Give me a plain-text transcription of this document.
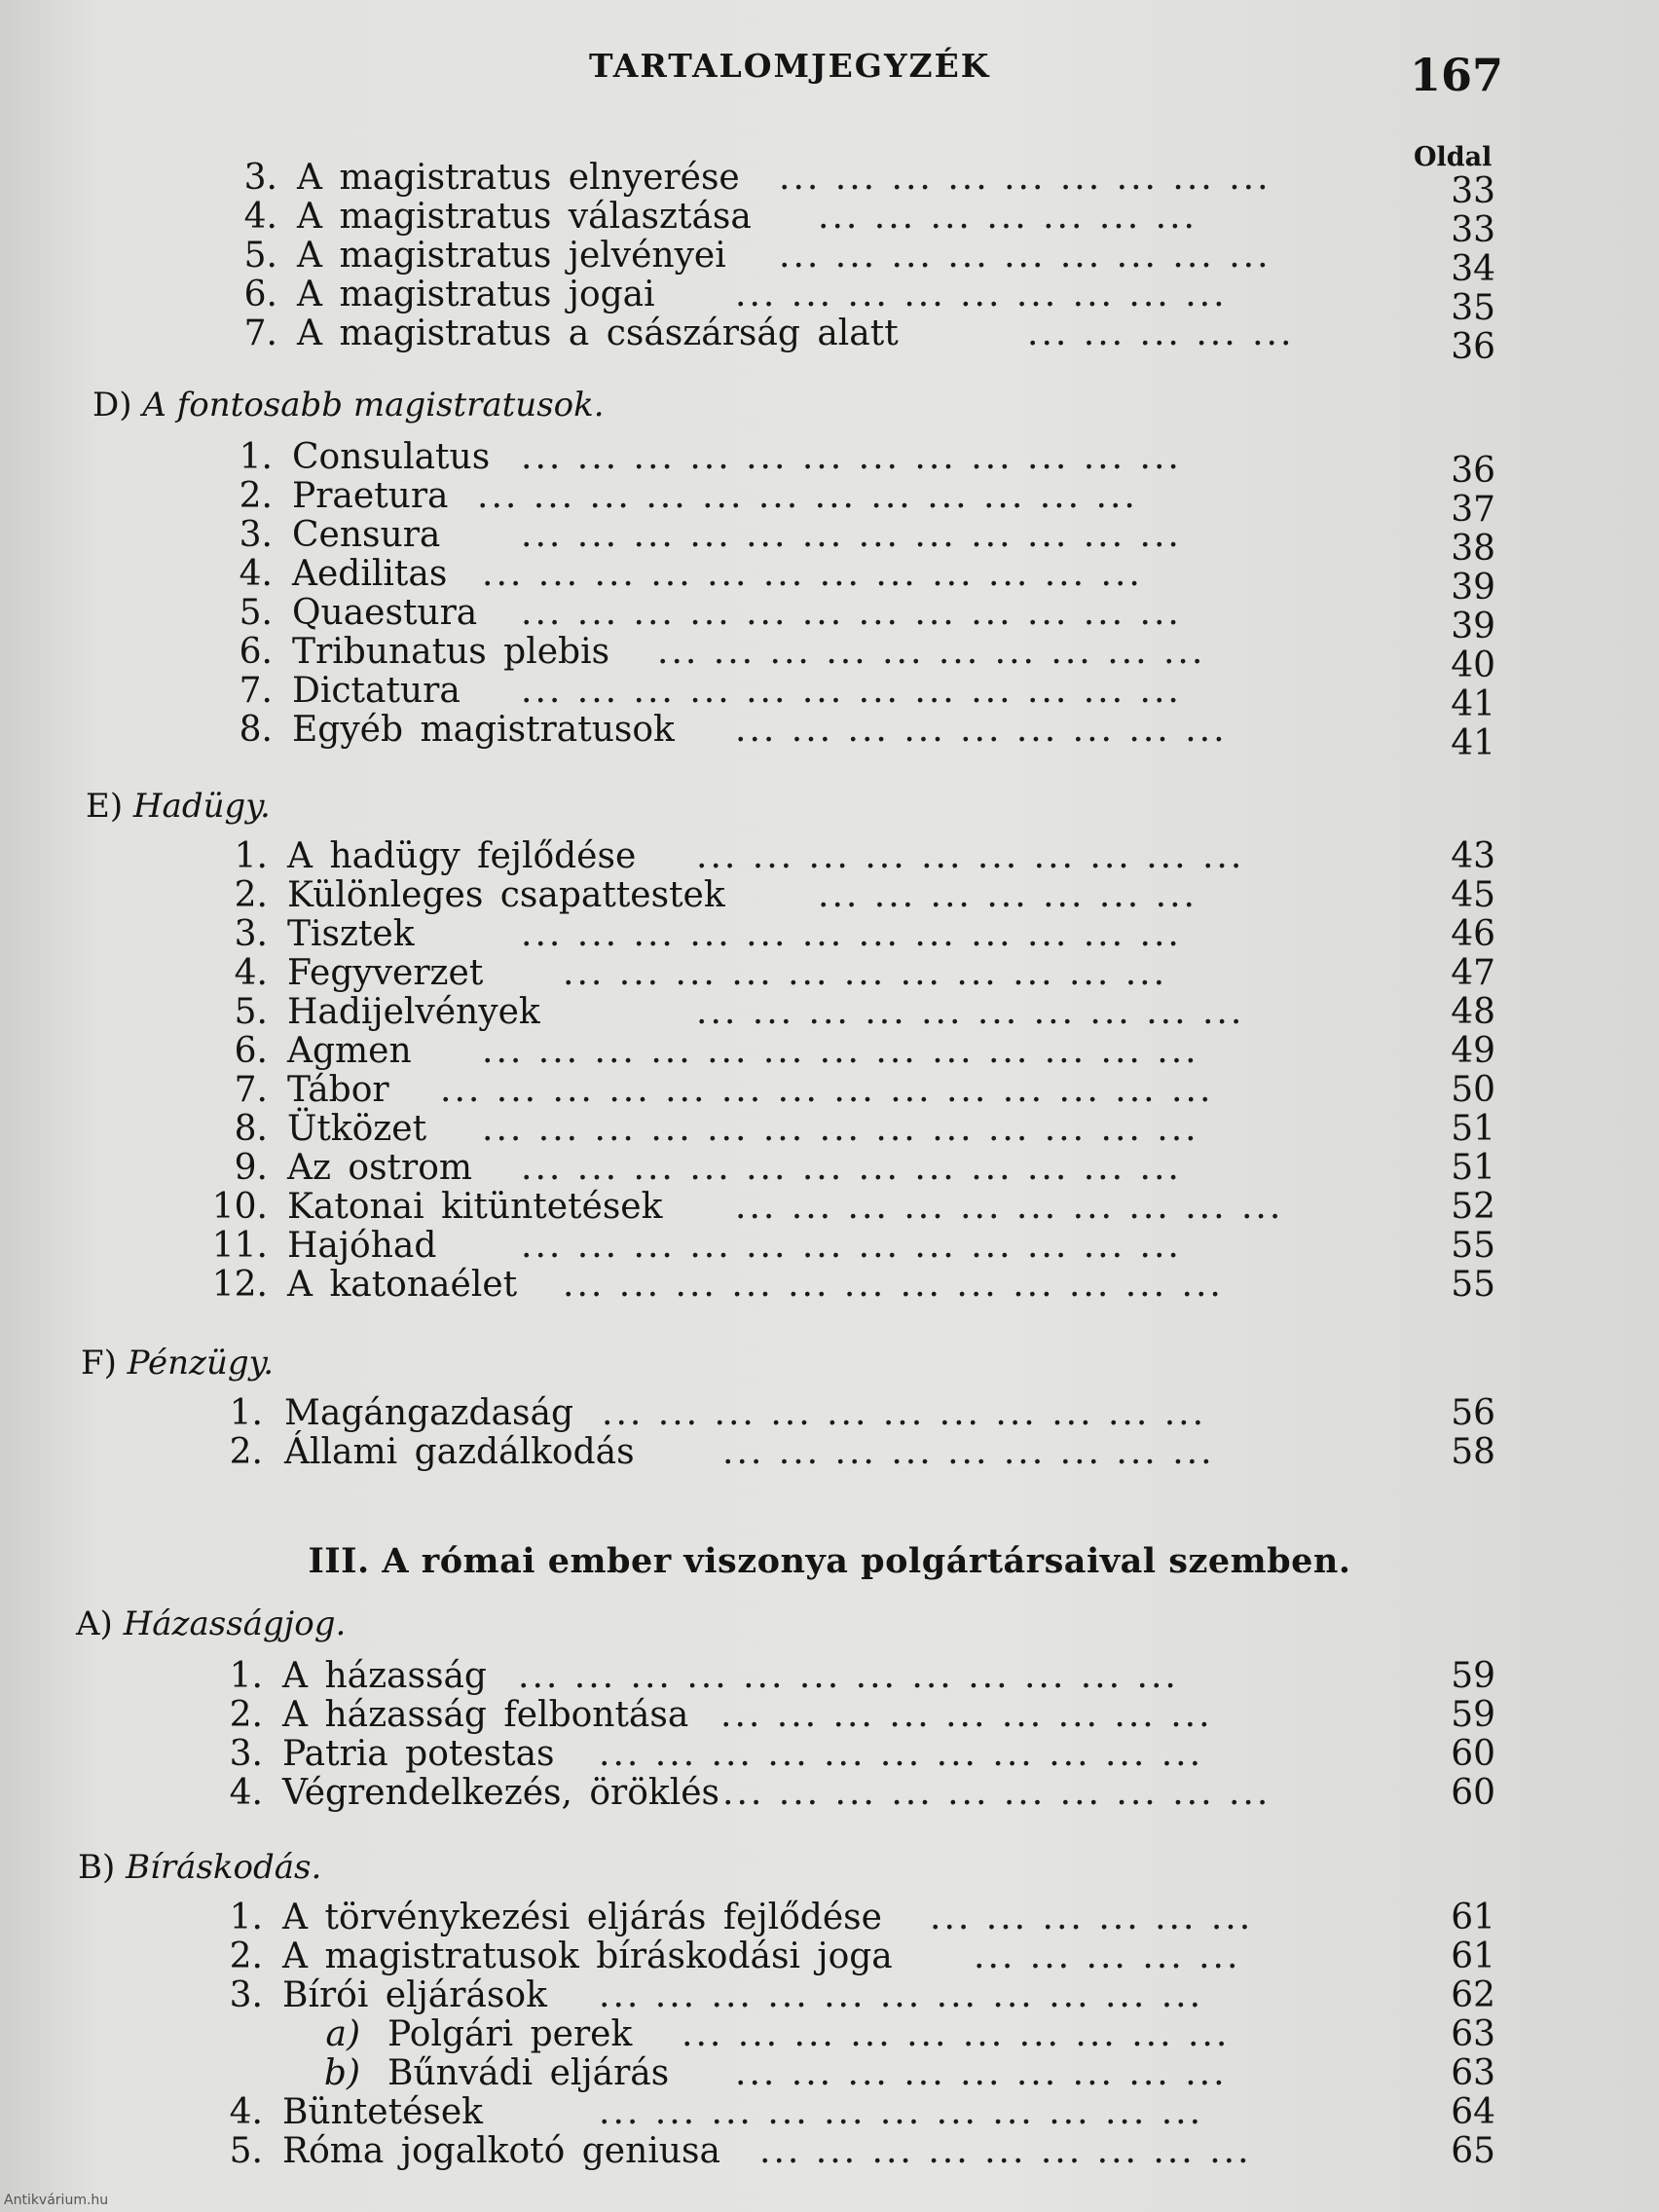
TARTALOMJEGYZÉK	167
Oldal
3. A magistratus elnyerése ... ... ... ... ... ... ... ... ...	33
4. A magistratus választása ... ... ... ... ... ... ...	33
5. A magistratus jelvényei ... ... ... ... ... ... ... ... ...	34
6. A magistratus jogai ... ... ... ... ... ... ... ... ...	35
7. A magistratus a császárság alatt	... ... ... ... ...	36
D) A fontosabb magistratusok.
1. Consulatus ... ... ... ... ... ... ... ... ... ... ... ...	36
2. Praetura ... ... ... ... ... ... ... ... ... ... ... ...	37
3. Censura ... ... ... ... ... ... ... ... ... ... ... ...	38
4. Aedilitas ... ... ... ... ... ... ... ... ... ... ... ...	39
5. Quaestura ... ... ... ... ... ... ... ... ... ... ... ...	39
6. Tribunatus plebis ... ... ... ... ... ... ... ... ... ...	40
7. Dictatura ... ... ... ... ... ... ... ... ... ... ... ...	41
8. Egyéb magistratusok ... ... ... ... ... ... ... ... ...	41
E) Hadügy.
1. A hadügy fejlődése ... ... ... ... ... ... ... ... ... ...	43
2. Különleges csapattestek	... ... ... ... ... ... ...	45
3. Tisztek	... ... ... ... ... ... ... ... ... ... ... ...	46
4. Fegyverzet ... ... ... ... ... ... ... ... ... ... ...	47
5. Hadijelvények	... ... ... ... ... ... ... ... ... ...	48
6. Agmen ... ... ... ... ... ... ... ... ... ... ... ... ...	49
7. Tábor ... ... ... ... ... ... ... ... ... ... ... ... ... ...	50
8. Ütközet ... ... ... ... ... ... ... ... ... ... ... ... ...	51
9. Az ostrom ... ... ... ... ... ... ... ... ... ... ... ...	51
10. Katonai kitüntetések ... ... ... ... ... ... ... ... ... ...	52
11. Hajóhad ... ... ... ... ... ... ... ... ... ... ... ...	55
12. A katonaélet ... ... ... ... ... ... ... ... ... ... ... ...	55
F) Pénzügy.
1. Magángazdaság ... ... ... ... ... ... ... ... ... ... ...	56
2. Állami gazdálkodás	... ... ... ... ... ... ... ... ...	58
III. A római ember viszonya polgártársaival szemben.
A) Házasságjog.
1. A házasság ... ... ... ... ... ... ... ... ... ... ... ...	59
2. A házasság felbontása ... ... ... ... ... ... ... ... ...	59
3. Patria potestas ... ... ... ... ... ... ... ... ... ... ...	60
4. Végrendelkezés, öröklés ... ... ... ... ... ... ... ... ... ...	60
B) Bíráskodás.
1. A törvénykezési eljárás fejlődése ... ... ... ... ... ...	61
2. A magistratusok bíráskodási joga ... ... ... ... ...	61
3. Bírói eljárások ... ... ... ... ... ... ... ... ... ... ...	62
a) Polgári perek ... ... ... ... ... ... ... ... ... ...	63
b) Bűnvádi eljárás ... ... ... ... ... ... ... ... ...	63
4. Büntetések	... ... ... ... ... ... ... ... ... ... ...	64
5. Róma jogalkotó geniusa ... ... ... ... ... ... ... ... ...	65
Antikvárium.hu
